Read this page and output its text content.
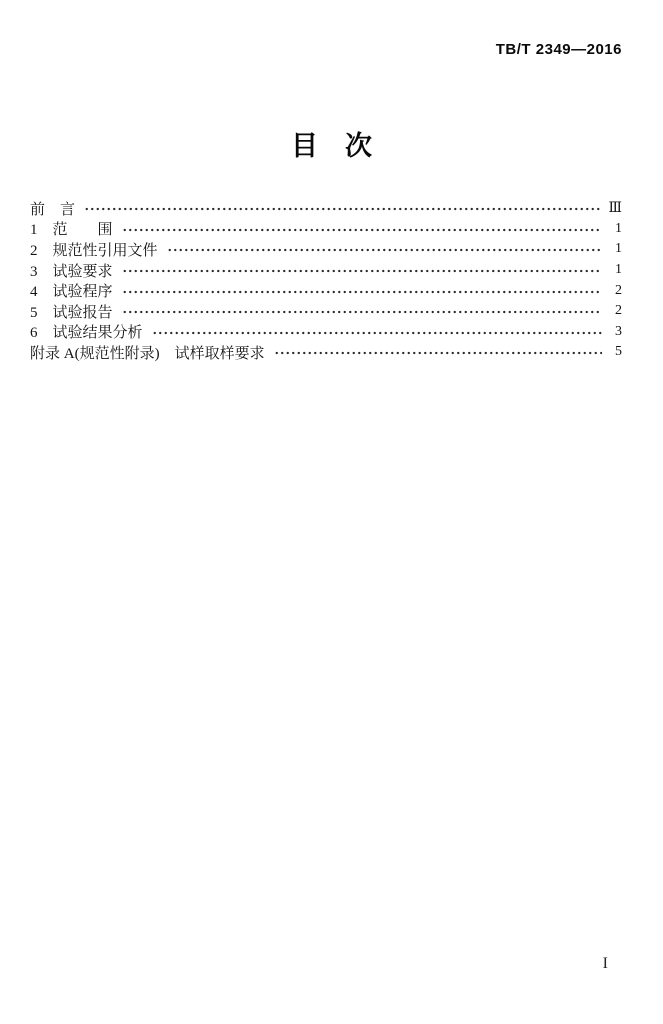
TB/T 2349—2016
目　次
前　言	Ⅲ
1　范　　围	1
2　规范性引用文件	1
3　试验要求	1
4　试验程序	2
5　试验报告	2
6　试验结果分析	3
附录 A(规范性附录)　试样取样要求	5
I
